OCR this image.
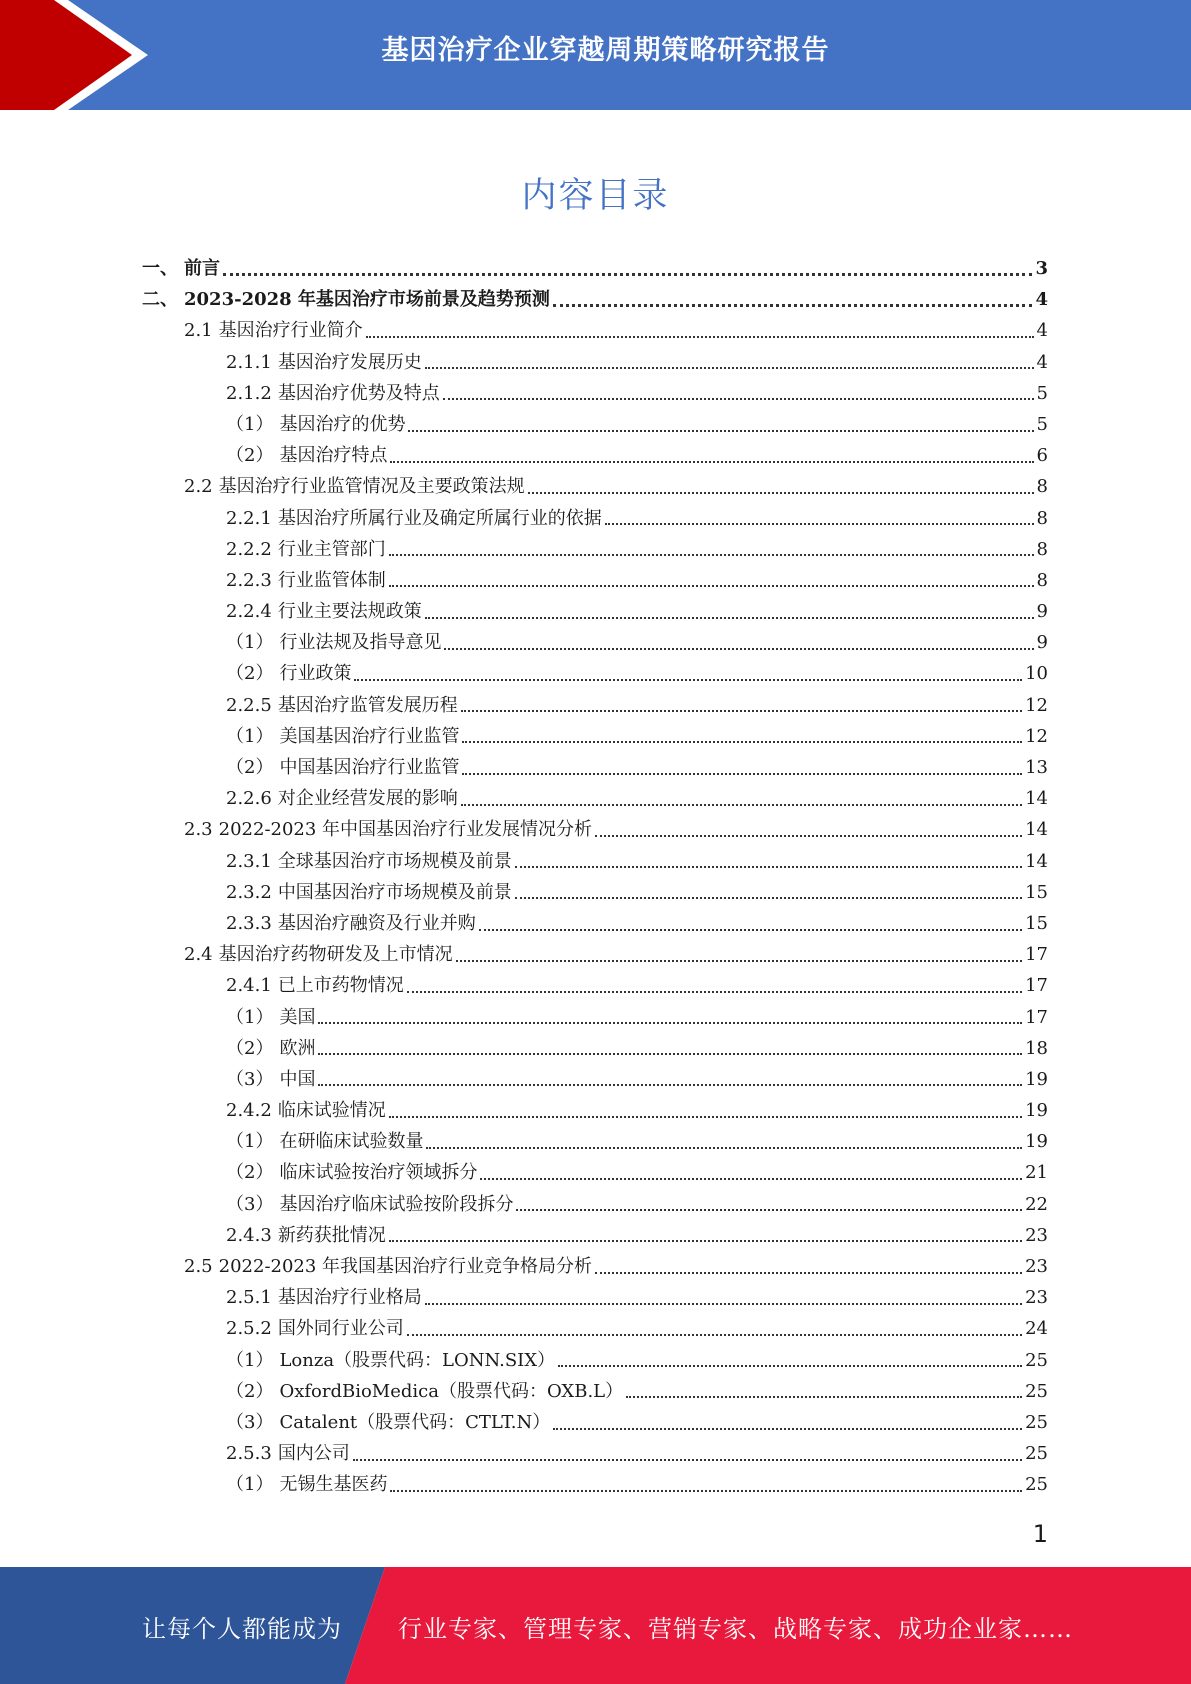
基因治疗企业穿越周期策略研究报告
内容目录
一、 前言	3
二、 2023-2028 年基因治疗市场前景及趋势预测	4
2.1 基因治疗行业简介	4
2.1.1 基因治疗发展历史	4
2.1.2 基因治疗优势及特点	5
（1） 基因治疗的优势	5
（2） 基因治疗特点	6
2.2 基因治疗行业监管情况及主要政策法规	8
2.2.1 基因治疗所属行业及确定所属行业的依据	8
2.2.2 行业主管部门	8
2.2.3 行业监管体制	8
2.2.4 行业主要法规政策	9
（1） 行业法规及指导意见	9
（2） 行业政策	10
2.2.5 基因治疗监管发展历程	12
（1） 美国基因治疗行业监管	12
（2） 中国基因治疗行业监管	13
2.2.6 对企业经营发展的影响	14
2.3 2022-2023 年中国基因治疗行业发展情况分析	14
2.3.1 全球基因治疗市场规模及前景	14
2.3.2 中国基因治疗市场规模及前景	15
2.3.3 基因治疗融资及行业并购	15
2.4 基因治疗药物研发及上市情况	17
2.4.1 已上市药物情况	17
（1） 美国	17
（2） 欧洲	18
（3） 中国	19
2.4.2 临床试验情况	19
（1） 在研临床试验数量	19
（2） 临床试验按治疗领域拆分	21
（3） 基因治疗临床试验按阶段拆分	22
2.4.3 新药获批情况	23
2.5 2022-2023 年我国基因治疗行业竞争格局分析	23
2.5.1 基因治疗行业格局	23
2.5.2 国外同行业公司	24
（1） Lonza（股票代码：LONN.SIX）	25
（2） OxfordBioMedica（股票代码：OXB.L）	25
（3） Catalent（股票代码：CTLT.N）	25
2.5.3 国内公司	25
（1） 无锡生基医药	25
1
让每个人都能成为 行业专家、管理专家、营销专家、战略专家、成功企业家……
